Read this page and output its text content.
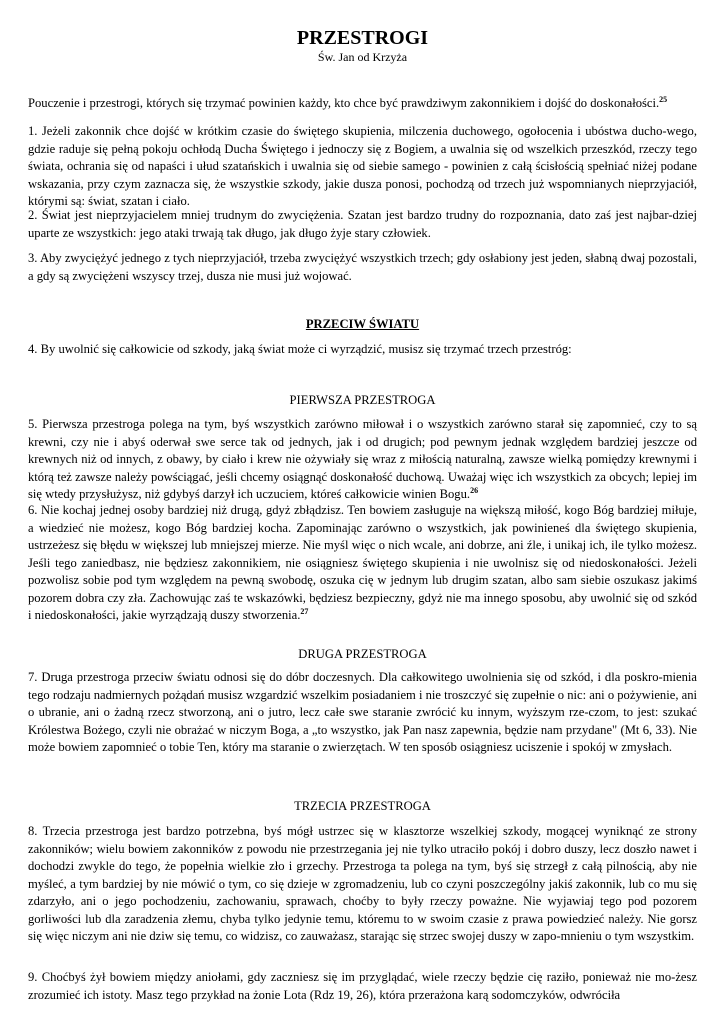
PRZESTROGI
Św. Jan od Krzyża

Pouczenie i przestrogi, których się trzymać powinien każdy, kto chce być prawdziwym zakonnikiem i dojść do doskonałości.$^{25}$

1. Jeżeli zakonnik chce dojść w krótkim czasie do świętego skupienia, milczenia duchowego, ogołocenia i ubóstwa ducho-wego, gdzie raduje się pełną pokoju ochłodą Ducha Świętego i jednoczy się z Bogiem, a uwalnia się od wszelkich przeszkód, rzeczy tego świata, ochrania się od napaści i ułud szatańskich i uwalnia się od siebie samego - powinien z całą ścisłością spełniać niżej podane wskazania, przy czym zaznacza się, że wszystkie szkody, jakie dusza ponosi, pochodzą od trzech już wspomnianych nieprzyjaciół, którymi są: świat, szatan i ciało.

2. Świat jest nieprzyjacielem mniej trudnym do zwyciężenia. Szatan jest bardzo trudny do rozpoznania, dato zaś jest najbar-dziej uparte ze wszystkich: jego ataki trwają tak długo, jak długo żyje stary człowiek.

3. Aby zwyciężyć jednego z tych nieprzyjaciół, trzeba zwyciężyć wszystkich trzech; gdy osłabiony jest jeden, słabną dwaj pozostali, a gdy są zwyciężeni wszyscy trzej, dusza nie musi już wojować.

PRZECIW ŚWIATU

4. By uwolnić się całkowicie od szkody, jaką świat może ci wyrządzić, musisz się trzymać trzech przestróg:

PIERWSZA PRZESTROGA

5. Pierwsza przestroga polega na tym, byś wszystkich zarówno miłował i o wszystkich zarówno starał się zapomnieć, czy to są krewni, czy nie i abyś oderwał swe serce tak od jednych, jak i od drugich; pod pewnym jednak względem bardziej jeszcze od krewnych niż od innych, z obawy, by ciało i krew nie ożywiały się wraz z miłością naturalną, zawsze wielką pomiędzy krewnymi i którą też zawsze należy powściągać, jeśli chcemy osiągnąć doskonałość duchową. Uważaj więc ich wszystkich za obcych; lepiej im się wtedy przysłużysz, niż gdybyś darzył ich uczuciem, któreś całkowicie winien Bogu.$^{26}$

6. Nie kochaj jednej osoby bardziej niż drugą, gdyż zbłądzisz. Ten bowiem zasługuje na większą miłość, kogo Bóg bardziej miłuje, a wiedzieć nie możesz, kogo Bóg bardziej kocha. Zapominając zarówno o wszystkich, jak powinieneś dla świętego skupienia, ustrzeżesz się błędu w większej lub mniejszej mierze. Nie myśl więc o nich wcale, ani dobrze, ani źle, i unikaj ich, ile tylko możesz. Jeśli tego zaniedbasz, nie będziesz zakonnikiem, nie osiągniesz świętego skupienia i nie uwolnisz się od niedoskonałości. Jeżeli pozwolisz sobie pod tym względem na pewną swobodę, oszuka cię w jednym lub drugim szatan, albo sam siebie oszukasz jakimś pozorem dobra czy zła. Zachowując zaś te wskazówki, będziesz bezpieczny, gdyż nie ma innego sposobu, aby uwolnić się od szkód i niedoskonałości, jakie wyrządzają duszy stworzenia.$^{27}$

DRUGA PRZESTROGA

7. Druga przestroga przeciw światu odnosi się do dóbr doczesnych. Dla całkowitego uwolnienia się od szkód, i dla poskro-mienia tego rodzaju nadmiernych pożądań musisz wzgardzić wszelkim posiadaniem i nie troszczyć się zupełnie o nic: ani o pożywienie, ani o ubranie, ani o żadną rzecz stworzoną, ani o jutro, lecz całe swe staranie zwrócić ku innym, wyższym rze-czom, to jest: szukać Królestwa Bożego, czyli nie obrażać w niczym Boga, a „to wszystko, jak Pan nasz zapewnia, będzie nam przydane" (Mt 6, 33). Nie może bowiem zapomnieć o tobie Ten, który ma staranie o zwierzętach. W ten sposób osiągniesz uciszenie i spokój w zmysłach.

TRZECIA PRZESTROGA

8. Trzecia przestroga jest bardzo potrzebna, byś mógł ustrzec się w klasztorze wszelkiej szkody, mogącej wyniknąć ze strony zakonników; wielu bowiem zakonników z powodu nie przestrzegania jej nie tylko utraciło pokój i dobro duszy, lecz doszło nawet i dochodzi zwykle do tego, że popełnia wielkie zło i grzechy. Przestroga ta polega na tym, byś się strzegł z całą pilnością, aby nie myśleć, a tym bardziej by nie mówić o tym, co się dzieje w zgromadzeniu, lub co czyni poszczególny jakiś zakonnik, lub co mu się zdarzyło, ani o jego pochodzeniu, zachowaniu, sprawach, choćby to były rzeczy poważne. Nie wyjawiaj tego pod pozorem gorliwości lub dla zaradzenia złemu, chyba tylko jedynie temu, któremu to w swoim czasie z prawa powiedzieć należy. Nie gorsz się więc niczym ani nie dziw się temu, co widzisz, co zauważasz, starając się strzec swojej duszy w zapo-mnieniu o tym wszystkim.

9. Choćbyś żył bowiem między aniołami, gdy zaczniesz się im przyglądać, wiele rzeczy będzie cię raziło, ponieważ nie mo-żesz zrozumieć ich istoty. Masz tego przykład na żonie Lota (Rdz 19, 26), która przerażona karą sodomczyków, odwróciła
